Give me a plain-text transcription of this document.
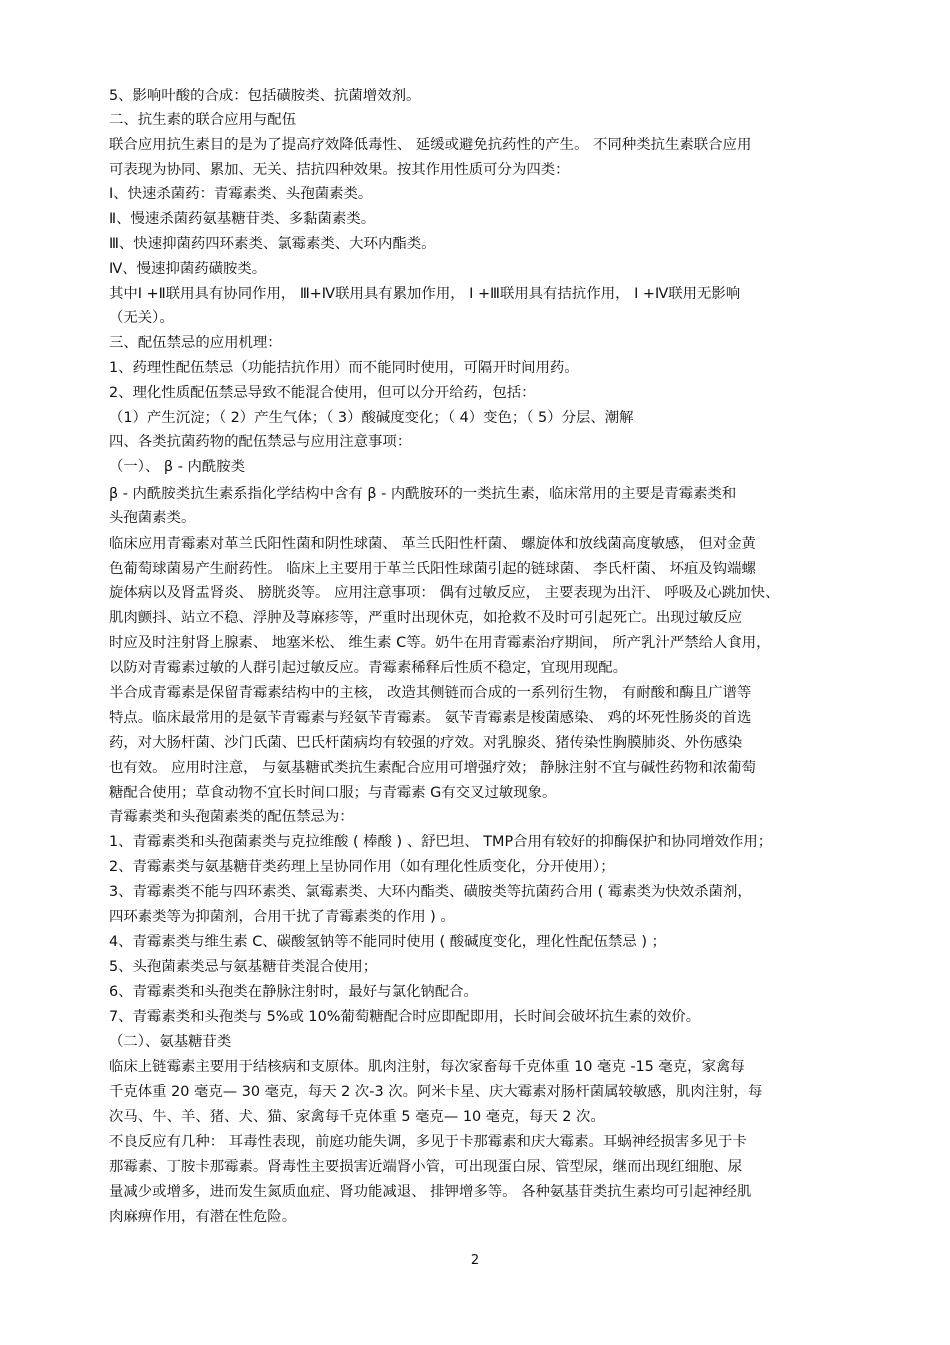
5、影响叶酸的合成：包括磺胺类、抗菌增效剂。
二、抗生素的联合应用与配伍
联合应用抗生素目的是为了提高疗效降低毒性、 延缓或避免抗药性的产生。 不同种类抗生素联合应用
可表现为协同、累加、无关、拮抗四种效果。按其作用性质可分为四类：
Ⅰ、快速杀菌药：青霉素类、头孢菌素类。
Ⅱ、慢速杀菌药氨基糖苷类、多黏菌素类。
Ⅲ、快速抑菌药四环素类、氯霉素类、大环内酯类。
Ⅳ、慢速抑菌药磺胺类。
其中Ⅰ +Ⅱ联用具有协同作用， Ⅲ+Ⅳ联用具有累加作用， Ⅰ +Ⅲ联用具有拮抗作用， Ⅰ +Ⅳ联用无影响
（无关）。
三、配伍禁忌的应用机理：
1、药理性配伍禁忌（功能拮抗作用）而不能同时使用，可隔开时间用药。
2、理化性质配伍禁忌导致不能混合使用，但可以分开给药，包括：
（1）产生沉淀；（ 2）产生气体；（ 3）酸碱度变化；（ 4）变色；（ 5）分层、潮解
四、各类抗菌药物的配伍禁忌与应用注意事项：
（一）、 β - 内酰胺类
β - 内酰胺类抗生素系指化学结构中含有 β - 内酰胺环的一类抗生素，临床常用的主要是青霉素类和
头孢菌素类。
临床应用青霉素对革兰氏阳性菌和阴性球菌、 革兰氏阳性杆菌、 螺旋体和放线菌高度敏感， 但对金黄
色葡萄球菌易产生耐药性。 临床上主要用于革兰氏阳性球菌引起的链球菌、 李氏杆菌、 坏疽及钩端螺
旋体病以及肾盂肾炎、 膀胱炎等。 应用注意事项： 偶有过敏反应， 主要表现为出汗、 呼吸及心跳加快、
肌肉颤抖、站立不稳、浮肿及荨麻疹等，严重时出现休克，如抢救不及时可引起死亡。出现过敏反应
时应及时注射肾上腺素、 地塞米松、 维生素 C等。奶牛在用青霉素治疗期间， 所产乳汁严禁给人食用，
以防对青霉素过敏的人群引起过敏反应。青霉素稀释后性质不稳定，宜现用现配。
半合成青霉素是保留青霉素结构中的主核， 改造其侧链而合成的一系列衍生物， 有耐酸和酶且广谱等
特点。临床最常用的是氨苄青霉素与羟氨苄青霉素。 氨苄青霉素是梭菌感染、 鸡的坏死性肠炎的首选
药，对大肠杆菌、沙门氏菌、巴氏杆菌病均有较强的疗效。对乳腺炎、猪传染性胸膜肺炎、外伤感染
也有效。 应用时注意， 与氨基糖甙类抗生素配合应用可增强疗效； 静脉注射不宜与碱性药物和浓葡萄
糖配合使用；草食动物不宜长时间口服；与青霉素 G有交叉过敏现象。
青霉素类和头孢菌素类的配伍禁忌为：
1、青霉素类和头孢菌素类与克拉维酸 ( 棒酸 ) 、舒巴坦、 TMP合用有较好的抑酶保护和协同增效作用；
2、青霉素类与氨基糖苷类药理上呈协同作用（如有理化性质变化，分开使用）；
3、青霉素类不能与四环素类、氯霉素类、大环内酯类、磺胺类等抗菌药合用 ( 霉素类为快效杀菌剂，
四环素类等为抑菌剂，合用干扰了青霉素类的作用 ) 。
4、青霉素类与维生素 C、碳酸氢钠等不能同时使用 ( 酸碱度变化，理化性配伍禁忌 ) ；
5、头孢菌素类忌与氨基糖苷类混合使用；
6、青霉素类和头孢类在静脉注射时，最好与氯化钠配合。
7、青霉素类和头孢类与 5%或 10%葡萄糖配合时应即配即用，长时间会破坏抗生素的效价。
（二）、氨基糖苷类
临床上链霉素主要用于结核病和支原体。肌肉注射，每次家畜每千克体重 10 毫克 -15 毫克，家禽每
千克体重 20 毫克— 30 毫克，每天 2 次-3 次。阿米卡星、庆大霉素对肠杆菌属较敏感，肌肉注射，每
次马、牛、羊、猪、犬、猫、家禽每千克体重 5 毫克— 10 毫克，每天 2 次。
不良反应有几种： 耳毒性表现，前庭功能失调，多见于卡那霉素和庆大霉素。耳蜗神经损害多见于卡
那霉素、丁胺卡那霉素。肾毒性主要损害近端肾小管，可出现蛋白尿、管型尿，继而出现红细胞、尿
量减少或增多，进而发生氮质血症、肾功能减退、 排钾增多等。 各种氨基苷类抗生素均可引起神经肌
肉麻痹作用，有潜在性危险。
2
